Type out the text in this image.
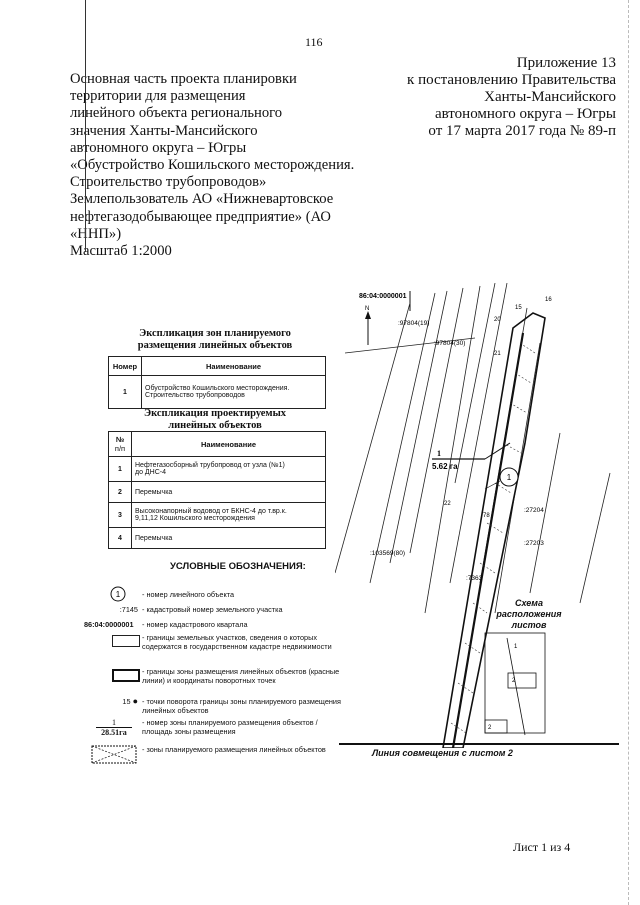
116
Приложение 13
к постановлению Правительства
Ханты-Мансийского
автономного округа – Югры
от 17 марта 2017 года № 89-п
Основная часть проекта планировки
территории для размещения
линейного объекта регионального
значения Ханты-Мансийского
автономного округа – Югры
«Обустройство Кошильского месторождения.
Строительство трубопроводов»
Землепользователь АО «Нижневартовское
нефтегазодобывающее предприятие» (АО
«ННП»)
Масштаб 1:2000
Экспликация зон планируемого
размещения линейных объектов
Номер	Наименование
1	Обустройство Кошильского месторождения.
Строительство трубопроводов
Экспликация проектируемых
линейных объектов
№
п/п	Наименование
1	Нефтегазосборный трубопровод от узла (№1)
до ДНС-4

2	Перемычка
3	Высоконапорный водовод от БКНС-4 до т.вр.к.
9,11,12 Кошильского месторождения

4	Перемычка
УСЛОВНЫЕ ОБОЗНАЧЕНИЯ:
1	- номер линейного объекта
:7145 - кадастровый номер земельного участка
86:04:0000001	- номер кадастрового квартала
- границы земельных участков, сведения о которых содержатся в государственном кадастре недвижимости
- границы зоны размещения линейных объектов (красные линии) и координаты поворотных точек
15 ● - точки поворота границы зоны планируемого размещения линейных объектов
1
28.51га
- номер зоны планируемого размещения объектов /площадь зоны размещения
- зоны планируемого размещения линейных объектов
86:04:0000001
N
:97804(19)
:97804(30)
:27204
:27203
:103569(80)
:7363
15
16
20
21
22
78
1
5.62 га
1
1
2
2
Схема
расположения
листов
Линия совмещения с листом 2
Лист 1 из 4
